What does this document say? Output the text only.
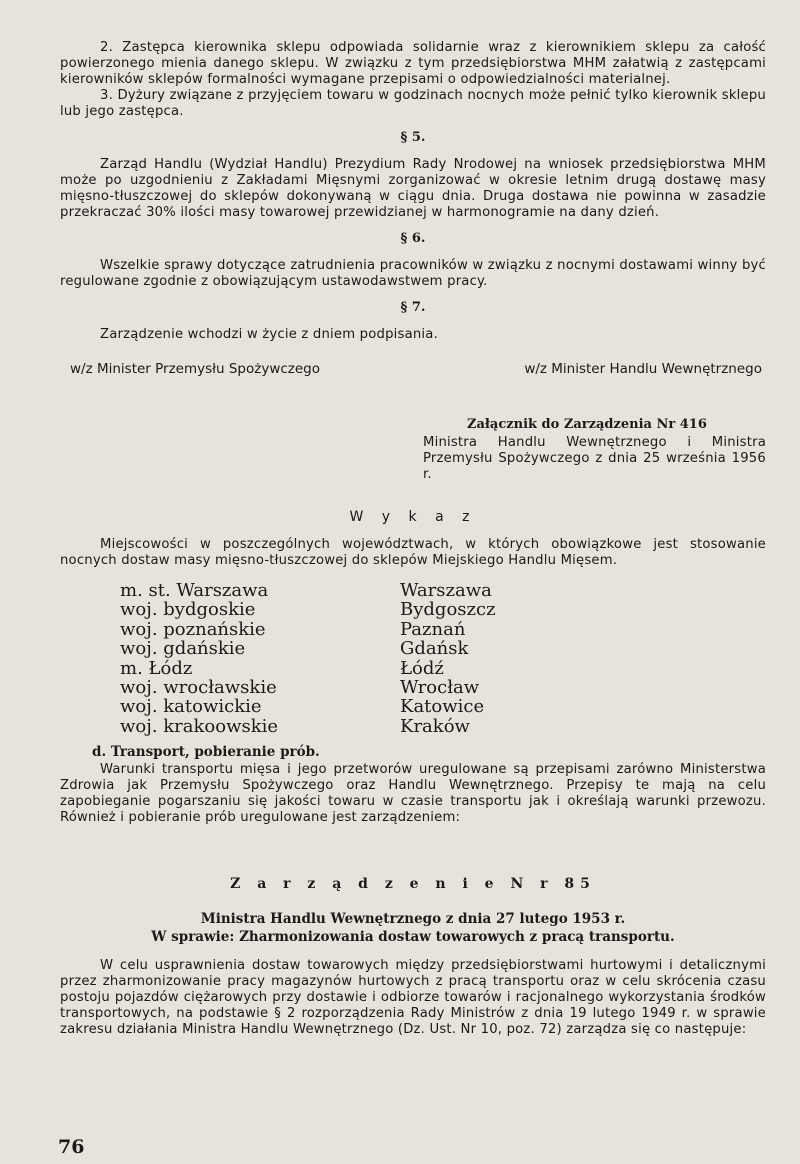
2. Zastępca kierownika sklepu odpowiada solidarnie wraz z kierownikiem sklepu za całość powierzonego mienia danego sklepu. W związku z tym przedsiębiorstwa MHM załatwią z zastępcami kierowników sklepów formalności wymagane przepisami o odpowiedzialności materialnej.

3. Dyżury związane z przyjęciem towaru w godzinach nocnych może pełnić tylko kierownik sklepu lub jego zastępca.

§ 5.

Zarząd Handlu (Wydział Handlu) Prezydium Rady Nrodowej na wniosek przedsiębiorstwa MHM może po uzgodnieniu z Zakładami Mięsnymi zorganizować w okresie letnim drugą dostawę masy mięsno-tłuszczowej do sklepów dokonywaną w ciągu dnia. Druga dostawa nie powinna w zasadzie przekraczać 30% ilości masy towarowej przewidzianej w harmonogramie na dany dzień.

§ 6.

Wszelkie sprawy dotyczące zatrudnienia pracowników w związku z nocnymi dostawami winny być regulowane zgodnie z obowiązującym ustawodawstwem pracy.

§ 7.

Zarządzenie wchodzi w życie z dniem podpisania.

w/z Minister Przemysłu Spożywczego	w/z Minister Handlu Wewnętrznego
Załącznik do Zarządzenia Nr 416
Ministra Handlu Wewnętrznego i Ministra Przemysłu Spożywczego z dnia 25 września 1956 r.
W y k a z

Miejscowości w poszczególnych województwach, w których obowiązkowe jest stosowanie nocnych dostaw masy mięsno-tłuszczowej do sklepów Miejskiego Handlu Mięsem.

m. st. Warszawa	Warszawa
woj. bydgoskie	Bydgoszcz
woj. poznańskie	Paznań
woj. gdańskie	Gdańsk
m. Łódz	Łódź
woj. wrocławskie	Wrocław
woj. katowickie	Katowice
woj. krakoowskie	Kraków
d. Transport, pobieranie prób.

Warunki transportu mięsa i jego przetworów uregulowane są przepisami zarówno Ministerstwa Zdrowia jak Przemysłu Spożywczego oraz Handlu Wewnętrznego. Przepisy te mają na celu zapobieganie pogarszaniu się jakości towaru w czasie transportu jak i określają warunki przewozu. Również i pobieranie prób uregulowane jest zarządzeniem:

Z a r z ą d z e n i e N r 85
Ministra Handlu Wewnętrznego z dnia 27 lutego 1953 r.
W sprawie: Zharmonizowania dostaw towarowych z pracą transportu.

W celu usprawnienia dostaw towarowych między przedsiębiorstwami hurtowymi i detalicznymi przez zharmonizowanie pracy magazynów hurtowych z pracą transportu oraz w celu skrócenia czasu postoju pojazdów ciężarowych przy dostawie i odbiorze towarów i racjonalnego wykorzystania środków transportowych, na podstawie § 2 rozporządzenia Rady Ministrów z dnia 19 lutego 1949 r. w sprawie zakresu działania Ministra Handlu Wewnętrznego (Dz. Ust. Nr 10, poz. 72) zarządza się co następuje:

76
